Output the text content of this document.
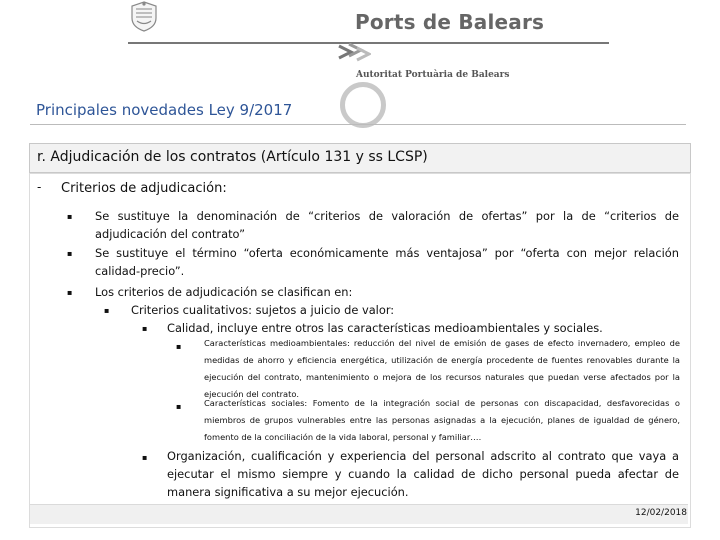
Ports de Balears
Autoritat Portuària de Balears
Principales novedades Ley 9/2017
r. Adjudicación de los contratos (Artículo 131 y ss LCSP)
- Criterios de adjudicación:
▪ Se sustituye la denominación de “criterios de valoración de ofertas” por la de “criterios de adjudicación del contrato”
▪ Se sustituye el término “oferta económicamente más ventajosa” por “oferta con mejor relación calidad-precio”.
▪ Los criterios de adjudicación se clasifican en:
▪ Criterios cualitativos: sujetos a juicio de valor:
▪ Calidad, incluye entre otros las características medioambientales y sociales.
▪	Características medioambientales: reducción del nivel de emisión de gases de efecto invernadero, empleo de medidas de ahorro y eficiencia energética, utilización de energía procedente de fuentes renovables durante la ejecución del contrato, mantenimiento o mejora de los recursos naturales que puedan verse afectados por la ejecución del contrato.
▪	Características sociales: Fomento de la integración social de personas con discapacidad, desfavorecidas o miembros de grupos vulnerables entre las personas asignadas a la ejecución, planes de igualdad de género, fomento de la conciliación de la vida laboral, personal y familiar….
▪ Organización, cualificación y experiencia del personal adscrito al contrato que vaya a ejecutar el mismo siempre y cuando la calidad de dicho personal pueda afectar de manera significativa a su mejor ejecución.
12/02/2018
